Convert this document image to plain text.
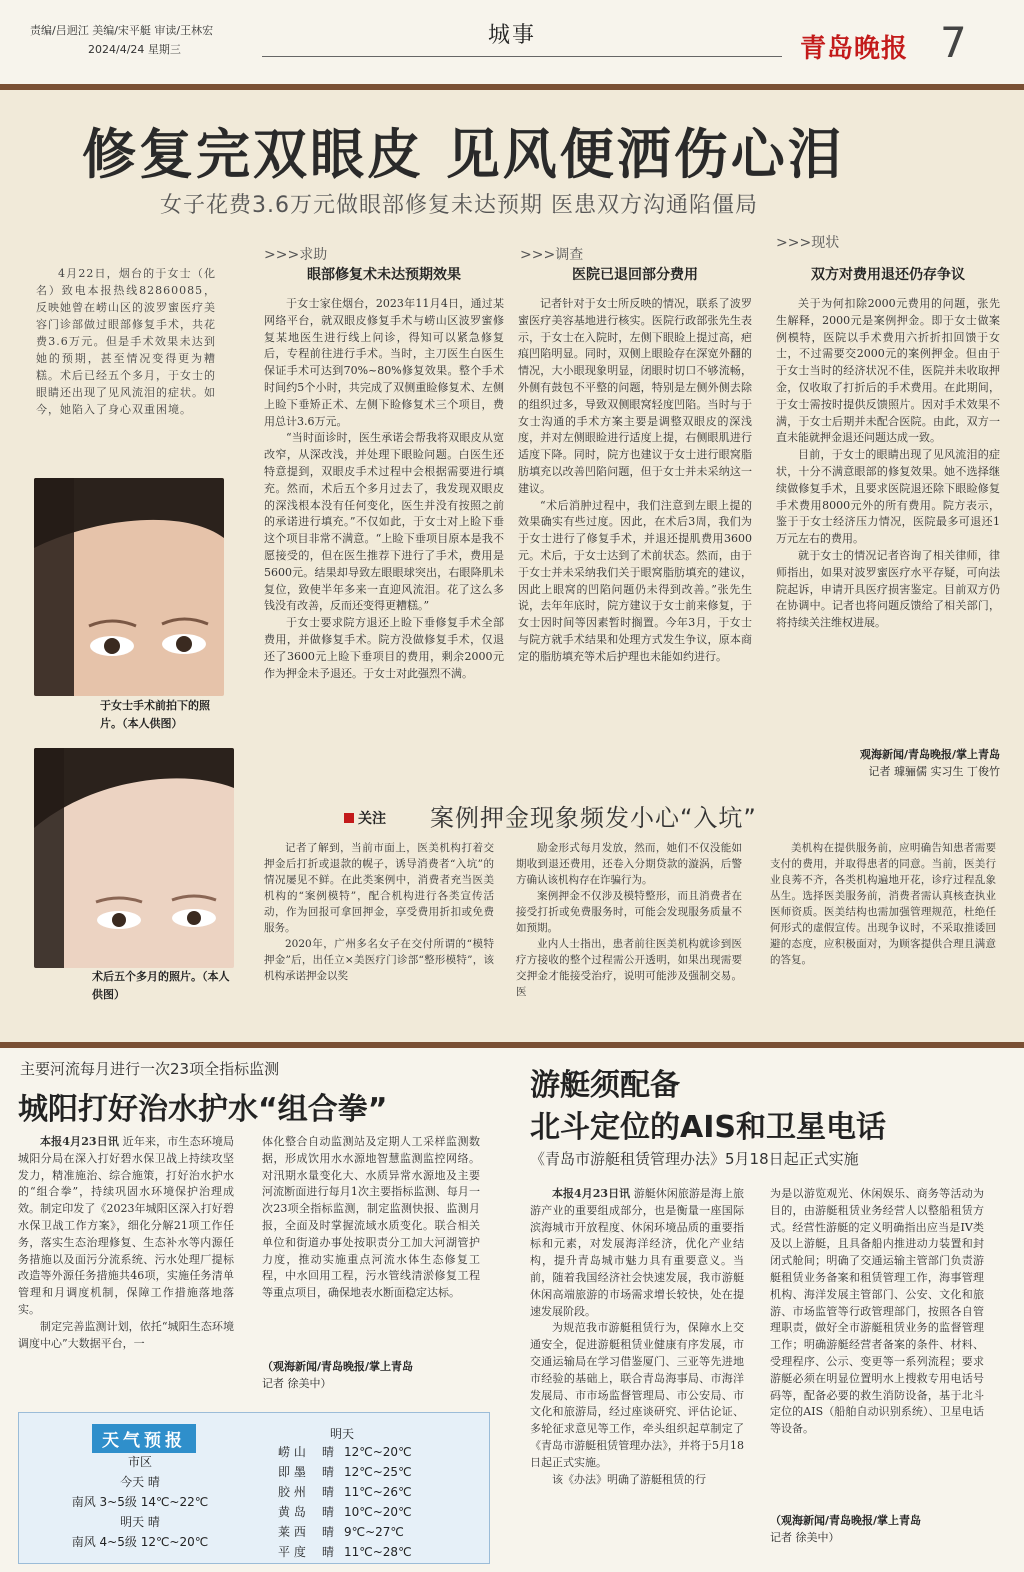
责编/吕迥江 美编/宋平艇 审读/王林宏
2024/4/24 星期三
城事	青岛晚报 7
修复完双眼皮 见风便洒伤心泪
女子花费3.6万元做眼部修复未达预期 医患双方沟通陷僵局
4月22日，烟台的于女士（化名）致电本报热线82860085，反映她曾在崂山区的波罗蜜医疗美容门诊部做过眼部修复手术，共花费3.6万元。但是手术效果未达到她的预期，甚至情况变得更为糟糕。术后已经五个多月，于女士的眼睛还出现了见风流泪的症状。如今，她陷入了身心双重困境。
于女士手术前拍下的照片。（本人供图）
术后五个多月的照片。（本人供图）
>>>求助
眼部修复术未达预期效果

于女士家住烟台，2023年11月4日，通过某网络平台，就双眼皮修复手术与崂山区波罗蜜修复某地医生进行线上问诊，得知可以紧急修复后，专程前往进行手术。当时，主刀医生白医生保证手术可达到70%~80%修复效果。整个手术时间约5个小时，共完成了双侧重睑修复术、左侧上睑下垂矫正术、左侧下睑修复术三个项目，费用总计3.6万元。

“当时面诊时，医生承诺会帮我将双眼皮从宽改窄，从深改浅，并处理下眼睑问题。白医生还特意提到，双眼皮手术过程中会根据需要进行填充。然而，术后五个多月过去了，我发现双眼皮的深浅根本没有任何变化，医生并没有按照之前的承诺进行填充。”不仅如此，于女士对上睑下垂这个项目非常不满意。“上睑下垂项目原本是我不愿接受的，但在医生推荐下进行了手术，费用是5600元。结果却导致左眼眼球突出，右眼降肌未复位，致使半年多来一直迎风流泪。花了这么多钱没有改善，反而还变得更糟糕。”

于女士要求院方退还上睑下垂修复手术全部费用，并做修复手术。院方没做修复手术，仅退还了3600元上睑下垂项目的费用，剩余2000元作为押金未予退还。于女士对此强烈不满。

>>>调查
医院已退回部分费用

记者针对于女士所反映的情况，联系了波罗蜜医疗美容基地进行核实。医院行政部张先生表示，于女士在入院时，左侧下眼睑上提过高，疤痕凹陷明显。同时，双侧上眼睑存在深宽外翻的情况，大小眼现象明显，闭眼时切口不够流畅，外侧有鼓包不平整的问题，特别是左侧外侧去除的组织过多，导致双侧眼窝轻度凹陷。当时与于女士沟通的手术方案主要是调整双眼皮的深浅度，并对左侧眼睑进行适度上提，右侧眼肌进行适度下降。同时，院方也建议于女士进行眼窝脂肪填充以改善凹陷问题，但于女士并未采纳这一建议。

“术后消肿过程中，我们注意到左眼上提的效果确实有些过度。因此，在术后3周，我们为于女士进行了修复手术，并退还提肌费用3600元。术后，于女士达到了术前状态。然而，由于于女士并未采纳我们关于眼窝脂肪填充的建议，因此上眼窝的凹陷问题仍未得到改善。”张先生说，去年年底时，院方建议于女士前来修复，于女士因时间等因素暂时搁置。今年3月，于女士与院方就手术结果和处理方式发生争议，原本商定的脂肪填充等术后护理也未能如约进行。

>>>现状
双方对费用退还仍存争议

关于为何扣除2000元费用的问题，张先生解释，2000元是案例押金。即于女士做案例模特，医院以手术费用六折折扣回馈于女士，不过需要交2000元的案例押金。但由于于女士当时的经济状况不佳，医院并未收取押金，仅收取了打折后的手术费用。在此期间，于女士需按时提供反馈照片。因对手术效果不满，于女士后期并未配合医院。由此，双方一直未能就押金退还问题达成一致。

目前，于女士的眼睛出现了见风流泪的症状，十分不满意眼部的修复效果。她不选择继续做修复手术，且要求医院退还除下眼睑修复手术费用8000元外的所有费用。院方表示，鉴于于女士经济压力情况，医院最多可退还1万元左右的费用。

就于女士的情况记者咨询了相关律师，律师指出，如果对波罗蜜医疗水平存疑，可向法院起诉，申请开具医疗损害鉴定。目前双方仍在协调中。记者也将问题反馈给了相关部门，将持续关注维权进展。

观海新闻/青岛晚报/掌上青岛
记者 璩骊儒 实习生 丁俊竹
关注 案例押金现象频发小心“入坑”

记者了解到，当前市面上，医美机构打着交押金后打折或退款的幌子，诱导消费者“入坑”的情况屡见不鲜。在此类案例中，消费者充当医美机构的“案例模特”，配合机构进行各类宣传活动，作为回报可拿回押金，享受费用折扣或免费服务。

2020年，广州多名女子在交付所谓的“模特押金”后，出任立×美医疗门诊部“整形模特”，该机构承诺押金以奖

励金形式每月发放，然而，她们不仅没能如期收到退还费用，还卷入分期贷款的漩涡，后警方确认该机构存在诈骗行为。

案例押金不仅涉及模特整形，而且消费者在接受打折或免费服务时，可能会发现服务质量不如预期。

业内人士指出，患者前往医美机构就诊到医疗方接收的整个过程需公开透明，如果出现需要交押金才能接受治疗，说明可能涉及强制交易。医

美机构在提供服务前，应明确告知患者需要支付的费用，并取得患者的同意。当前，医美行业良莠不齐，各类机构遍地开花，诊疗过程乱象丛生。选择医美服务前，消费者需认真核查执业医师资质。医美结构也需加强管理规范，杜绝任何形式的虚假宣传。出现争议时，不采取推诿回避的态度，应积极面对，为顾客提供合理且满意的答复。

主要河流每月进行一次23项全指标监测
城阳打好治水护水“组合拳”

本报4月23日讯 近年来，市生态环境局城阳分局在深入打好碧水保卫战上持续攻坚发力，精准施治、综合施策，打好治水护水的“组合拳”，持续巩固水环境保护治理成效。制定印发了《2023年城阳区深入打好碧水保卫战工作方案》，细化分解21项工作任务，落实生态治理修复、生态补水等内源任务措施以及面污分流系统、污水处理厂提标改造等外源任务措施共46项，实施任务清单管理和月调度机制，保障工作措施落地落实。

制定完善监测计划，依托“城阳生态环境调度中心”大数据平台，一

体化整合自动监测站及定期人工采样监测数据，形成饮用水水源地智慧监测监控网络。对汛期水量变化大、水质异常水源地及主要河流断面进行每月1次主要指标监测、每月一次23项全指标监测，制定监测快报、监测月报，全面及时掌握流域水质变化。联合相关单位和街道办事处按职责分工加大河湖管护力度，推动实施重点河流水体生态修复工程，中水回用工程，污水管线清淤修复工程等重点项目，确保地表水断面稳定达标。

（观海新闻/青岛晚报/掌上青岛
记者 徐美中）
天气预报
市区
今天 晴
南风 3~5级 14℃~22℃
明天 晴
南风 4~5级 12℃~20℃
明天
崂 山 晴 12℃~20℃
即 墨 晴 12℃~25℃
胶 州 晴 11℃~26℃
黄 岛 晴 10℃~20℃
莱 西 晴 9℃~27℃
平 度 晴 11℃~28℃
游艇须配备
北斗定位的AIS和卫星电话
《青岛市游艇租赁管理办法》5月18日起正式实施

本报4月23日讯 游艇休闲旅游是海上旅游产业的重要组成部分，也是衡量一座国际滨海城市开放程度、休闲环境品质的重要指标和元素，对发展海洋经济，优化产业结构，提升青岛城市魅力具有重要意义。当前，随着我国经济社会快速发展，我市游艇休闲高端旅游的市场需求增长较快，处在提速发展阶段。

为规范我市游艇租赁行为，保障水上交通安全，促进游艇租赁业健康有序发展，市交通运输局在学习借鉴厦门、三亚等先进地市经验的基础上，联合青岛海事局、市海洋发展局、市市场监督管理局、市公安局、市文化和旅游局，经过座谈研究、评估论证、多轮征求意见等工作，牵头组织起草制定了《青岛市游艇租赁管理办法》，并将于5月18日起正式实施。

该《办法》明确了游艇租赁的行

为是以游览观光、休闲娱乐、商务等活动为目的，由游艇租赁业务经营人以整船租赁方式。经营性游艇的定义明确指出应当是IV类及以上游艇，且具备船内推进动力装置和封闭式舱间；明确了交通运输主管部门负责游艇租赁业务备案和租赁管理工作，海事管理机构、海洋发展主管部门、公安、文化和旅游、市场监管等行政管理部门，按照各自管理职责，做好全市游艇租赁业务的监督管理工作；明确游艇经营者备案的条件、材料、受理程序、公示、变更等一系列流程；要求游艇必须在明显位置明水上搜救专用电话号码等，配备必要的救生消防设备，基于北斗定位的AIS（船舶自动识别系统）、卫星电话等设备。

（观海新闻/青岛晚报/掌上青岛
记者 徐美中）
